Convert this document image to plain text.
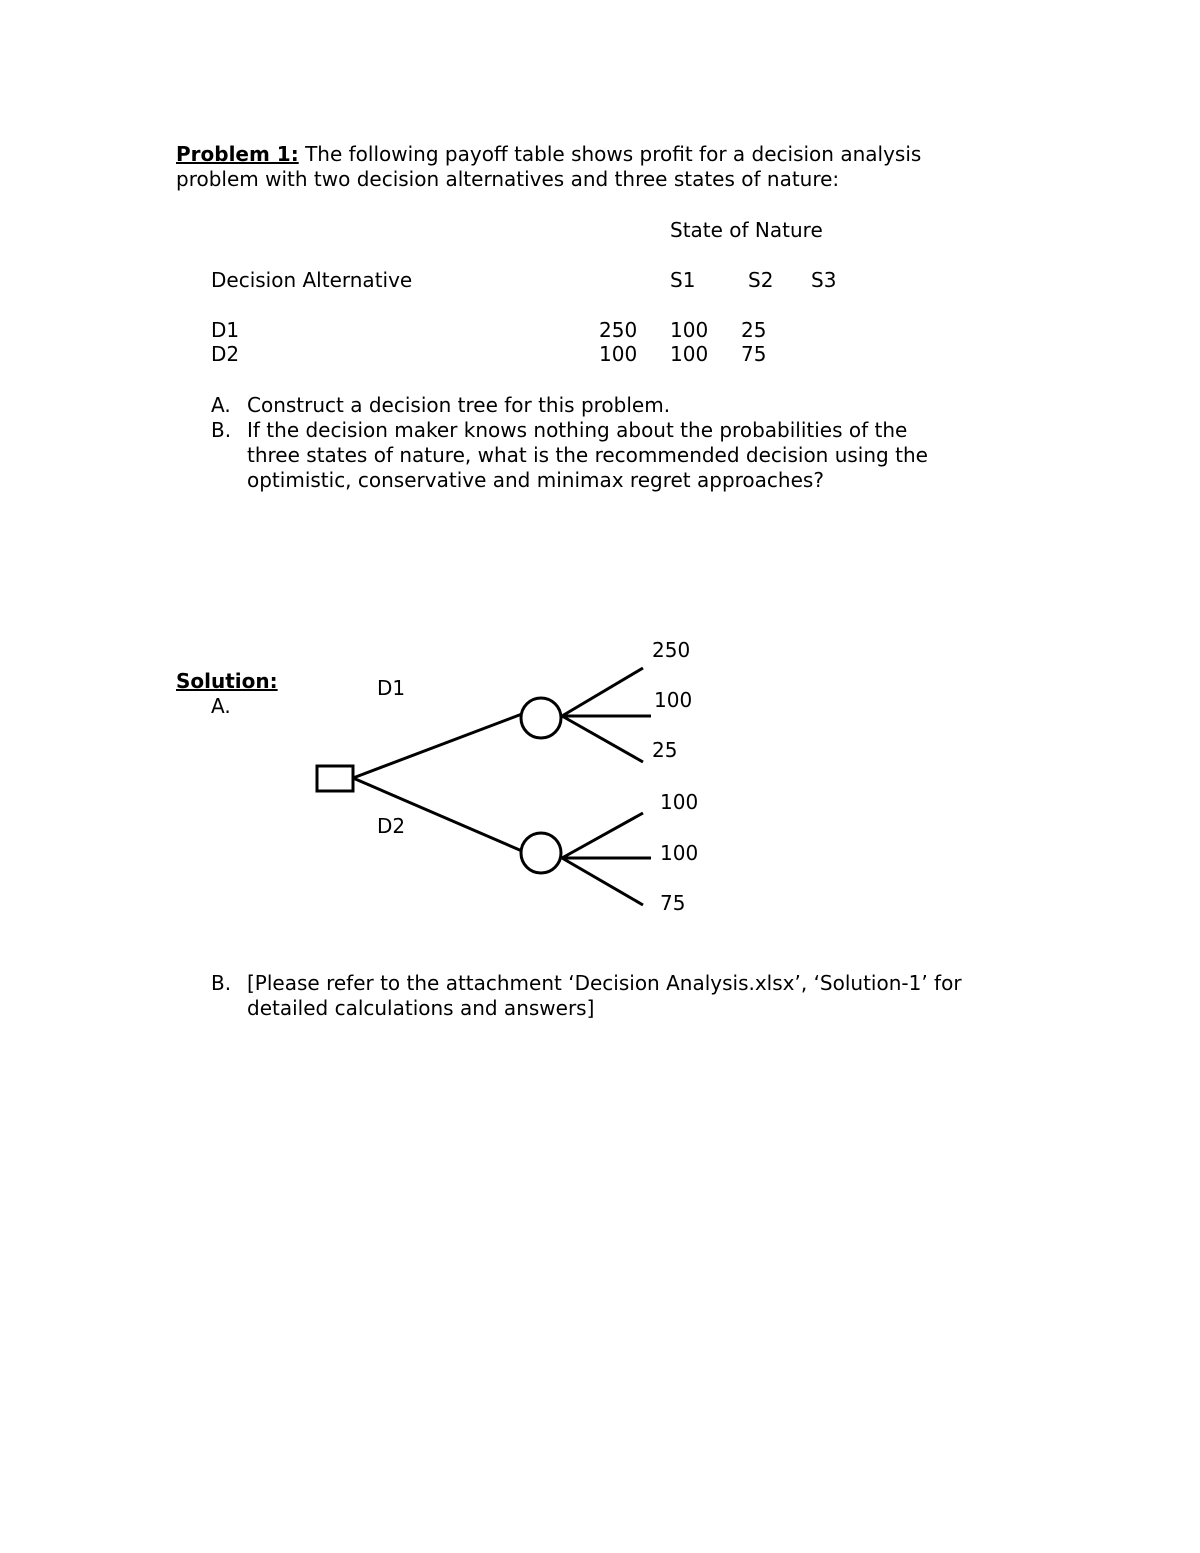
Problem 1: The following payoff table shows profit for a decision analysis
problem with two decision alternatives and three states of nature:
State of Nature
Decision Alternative	S1	S2 S3
D1	250 100 25
D2	100 100 75
A. Construct a decision tree for this problem.
B. If the decision maker knows nothing about the probabilities of the
three states of nature, what is the recommended decision using the
optimistic, conservative and minimax regret approaches?
Solution:
A.
D1
D2
250
100
25
100
100
75
B. [Please refer to the attachment ‘Decision Analysis.xlsx’, ‘Solution-1’ for
detailed calculations and answers]
